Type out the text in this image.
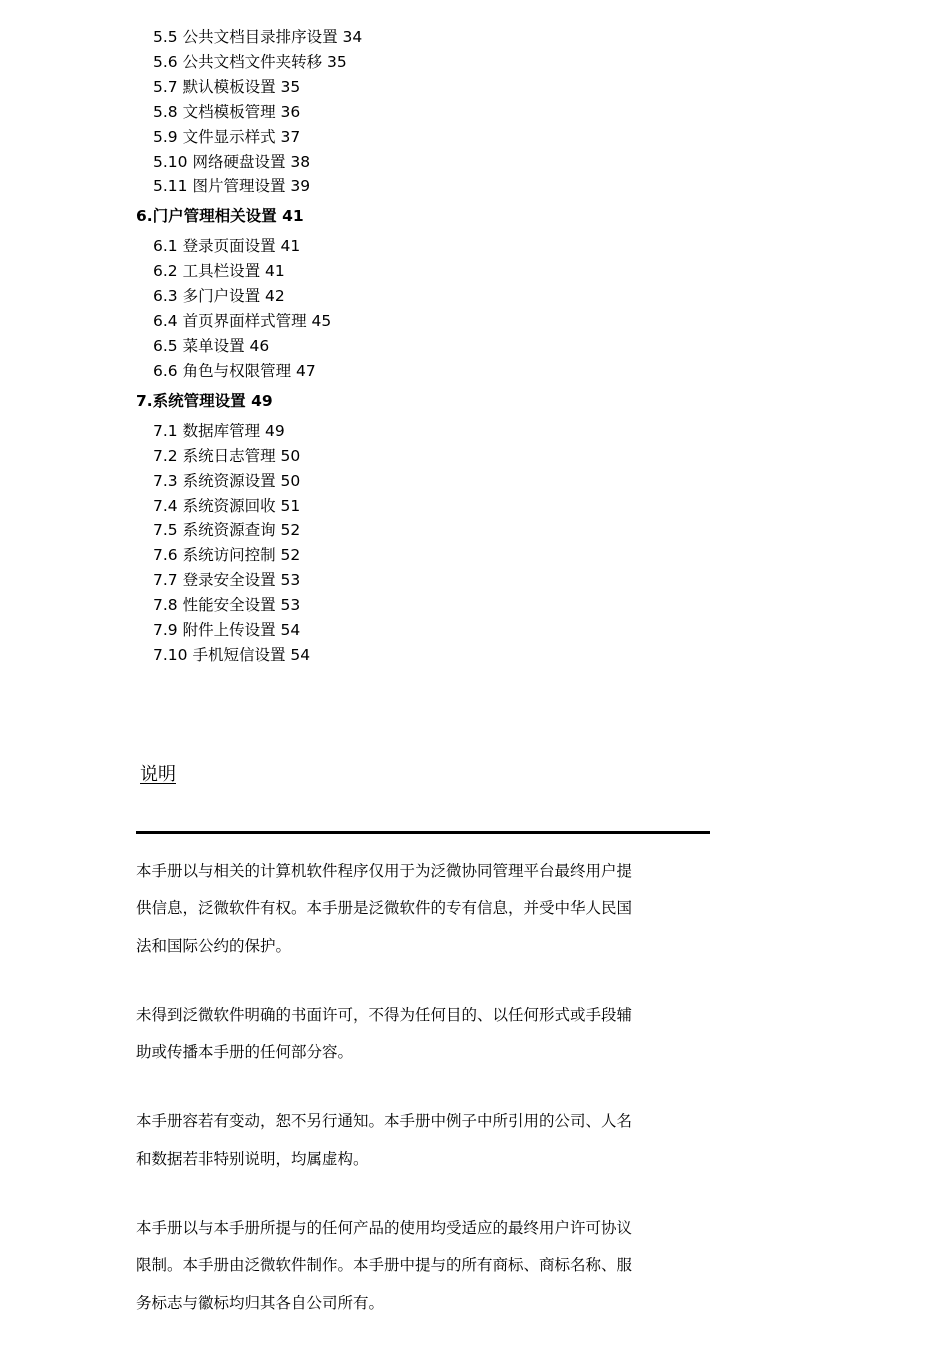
5.5 公共文档目录排序设置 34
5.6 公共文档文件夹转移 35
5.7 默认模板设置 35
5.8 文档模板管理 36
5.9 文件显示样式 37
5.10 网络硬盘设置 38
5.11 图片管理设置 39
6.门户管理相关设置 41
6.1 登录页面设置 41
6.2 工具栏设置 41
6.3 多门户设置 42
6.4 首页界面样式管理 45
6.5 菜单设置 46
6.6 角色与权限管理 47
7.系统管理设置 49
7.1 数据库管理 49
7.2 系统日志管理 50
7.3 系统资源设置 50
7.4 系统资源回收 51
7.5 系统资源查询 52
7.6 系统访问控制 52
7.7 登录安全设置 53
7.8 性能安全设置 53
7.9 附件上传设置 54
7.10 手机短信设置 54
说明

本手册以与相关的计算机软件程序仅用于为泛微协同管理平台最终用户提

供信息，泛微软件有权。本手册是泛微软件的专有信息，并受中华人民国

法和国际公约的保护。

未得到泛微软件明确的书面许可，不得为任何目的、以任何形式或手段辅

助或传播本手册的任何部分容。

本手册容若有变动，恕不另行通知。本手册中例子中所引用的公司、人名

和数据若非特别说明，均属虚构。

本手册以与本手册所提与的任何产品的使用均受适应的最终用户许可协议

限制。本手册由泛微软件制作。本手册中提与的所有商标、商标名称、服

务标志与徽标均归其各自公司所有。
